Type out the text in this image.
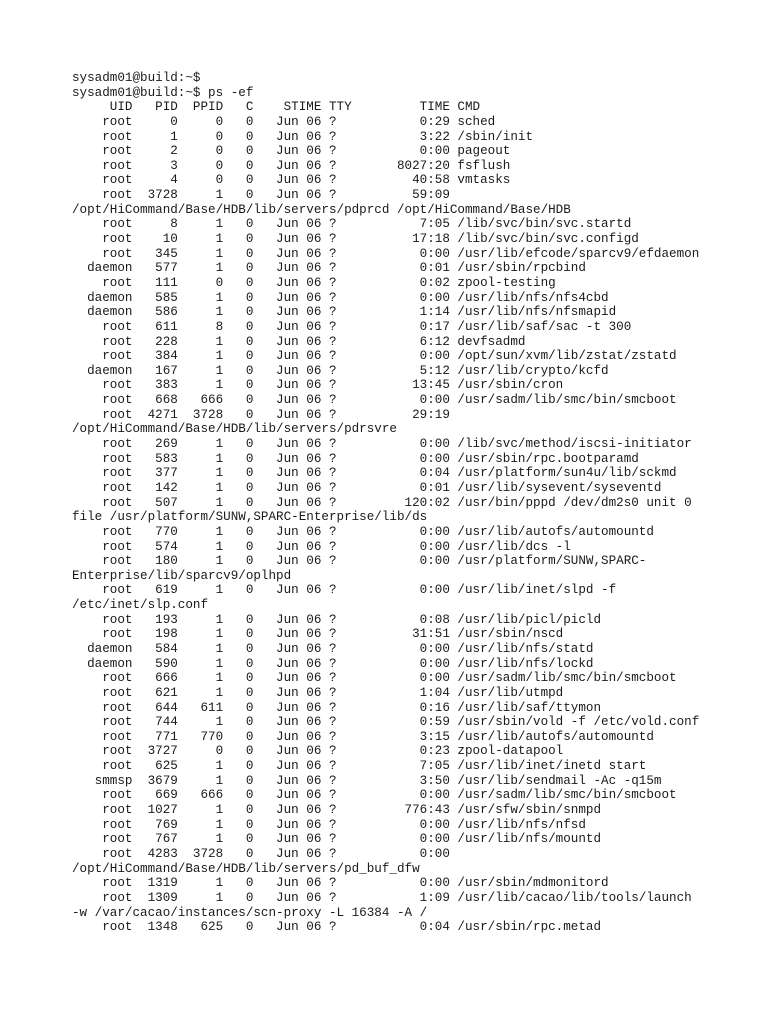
sysadm01@build:~$
sysadm01@build:~$ ps -ef
UID   PID  PPID   C    STIME TTY         TIME CMD
root     0     0   0   Jun 06 ?           0:29 sched
root     1     0   0   Jun 06 ?           3:22 /sbin/init
root     2     0   0   Jun 06 ?           0:00 pageout
root     3     0   0   Jun 06 ?        8027:20 fsflush
root     4     0   0   Jun 06 ?          40:58 vmtasks
root  3728     1   0   Jun 06 ?          59:09
/opt/HiCommand/Base/HDB/lib/servers/pdprcd /opt/HiCommand/Base/HDB
root     8     1   0   Jun 06 ?           7:05 /lib/svc/bin/svc.startd
root    10     1   0   Jun 06 ?          17:18 /lib/svc/bin/svc.configd
root   345     1   0   Jun 06 ?           0:00 /usr/lib/efcode/sparcv9/efdaemon
daemon   577     1   0   Jun 06 ?           0:01 /usr/sbin/rpcbind
root   111     0   0   Jun 06 ?           0:02 zpool-testing
daemon   585     1   0   Jun 06 ?           0:00 /usr/lib/nfs/nfs4cbd
daemon   586     1   0   Jun 06 ?           1:14 /usr/lib/nfs/nfsmapid
root   611     8   0   Jun 06 ?           0:17 /usr/lib/saf/sac -t 300
root   228     1   0   Jun 06 ?           6:12 devfsadmd
root   384     1   0   Jun 06 ?           0:00 /opt/sun/xvm/lib/zstat/zstatd
daemon   167     1   0   Jun 06 ?           5:12 /usr/lib/crypto/kcfd
root   383     1   0   Jun 06 ?          13:45 /usr/sbin/cron
root   668   666   0   Jun 06 ?           0:00 /usr/sadm/lib/smc/bin/smcboot
root  4271  3728   0   Jun 06 ?          29:19
/opt/HiCommand/Base/HDB/lib/servers/pdrsvre
root   269     1   0   Jun 06 ?           0:00 /lib/svc/method/iscsi-initiator
root   583     1   0   Jun 06 ?           0:00 /usr/sbin/rpc.bootparamd
root   377     1   0   Jun 06 ?           0:04 /usr/platform/sun4u/lib/sckmd
root   142     1   0   Jun 06 ?           0:01 /usr/lib/sysevent/syseventd
root   507     1   0   Jun 06 ?         120:02 /usr/bin/pppd /dev/dm2s0 unit 0
file /usr/platform/SUNW,SPARC-Enterprise/lib/ds
root   770     1   0   Jun 06 ?           0:00 /usr/lib/autofs/automountd
root   574     1   0   Jun 06 ?           0:00 /usr/lib/dcs -l
root   180     1   0   Jun 06 ?           0:00 /usr/platform/SUNW,SPARC-
Enterprise/lib/sparcv9/oplhpd
root   619     1   0   Jun 06 ?           0:00 /usr/lib/inet/slpd -f
/etc/inet/slp.conf
root   193     1   0   Jun 06 ?           0:08 /usr/lib/picl/picld
root   198     1   0   Jun 06 ?          31:51 /usr/sbin/nscd
daemon   584     1   0   Jun 06 ?           0:00 /usr/lib/nfs/statd
daemon   590     1   0   Jun 06 ?           0:00 /usr/lib/nfs/lockd
root   666     1   0   Jun 06 ?           0:00 /usr/sadm/lib/smc/bin/smcboot
root   621     1   0   Jun 06 ?           1:04 /usr/lib/utmpd
root   644   611   0   Jun 06 ?           0:16 /usr/lib/saf/ttymon
root   744     1   0   Jun 06 ?           0:59 /usr/sbin/vold -f /etc/vold.conf
root   771   770   0   Jun 06 ?           3:15 /usr/lib/autofs/automountd
root  3727     0   0   Jun 06 ?           0:23 zpool-datapool
root   625     1   0   Jun 06 ?           7:05 /usr/lib/inet/inetd start
smmsp  3679     1   0   Jun 06 ?           3:50 /usr/lib/sendmail -Ac -q15m
root   669   666   0   Jun 06 ?           0:00 /usr/sadm/lib/smc/bin/smcboot
root  1027     1   0   Jun 06 ?         776:43 /usr/sfw/sbin/snmpd
root   769     1   0   Jun 06 ?           0:00 /usr/lib/nfs/nfsd
root   767     1   0   Jun 06 ?           0:00 /usr/lib/nfs/mountd
root  4283  3728   0   Jun 06 ?           0:00
/opt/HiCommand/Base/HDB/lib/servers/pd_buf_dfw
root  1319     1   0   Jun 06 ?           0:00 /usr/sbin/mdmonitord
root  1309     1   0   Jun 06 ?           1:09 /usr/lib/cacao/lib/tools/launch
-w /var/cacao/instances/scn-proxy -L 16384 -A /
root  1348   625   0   Jun 06 ?           0:04 /usr/sbin/rpc.metad
